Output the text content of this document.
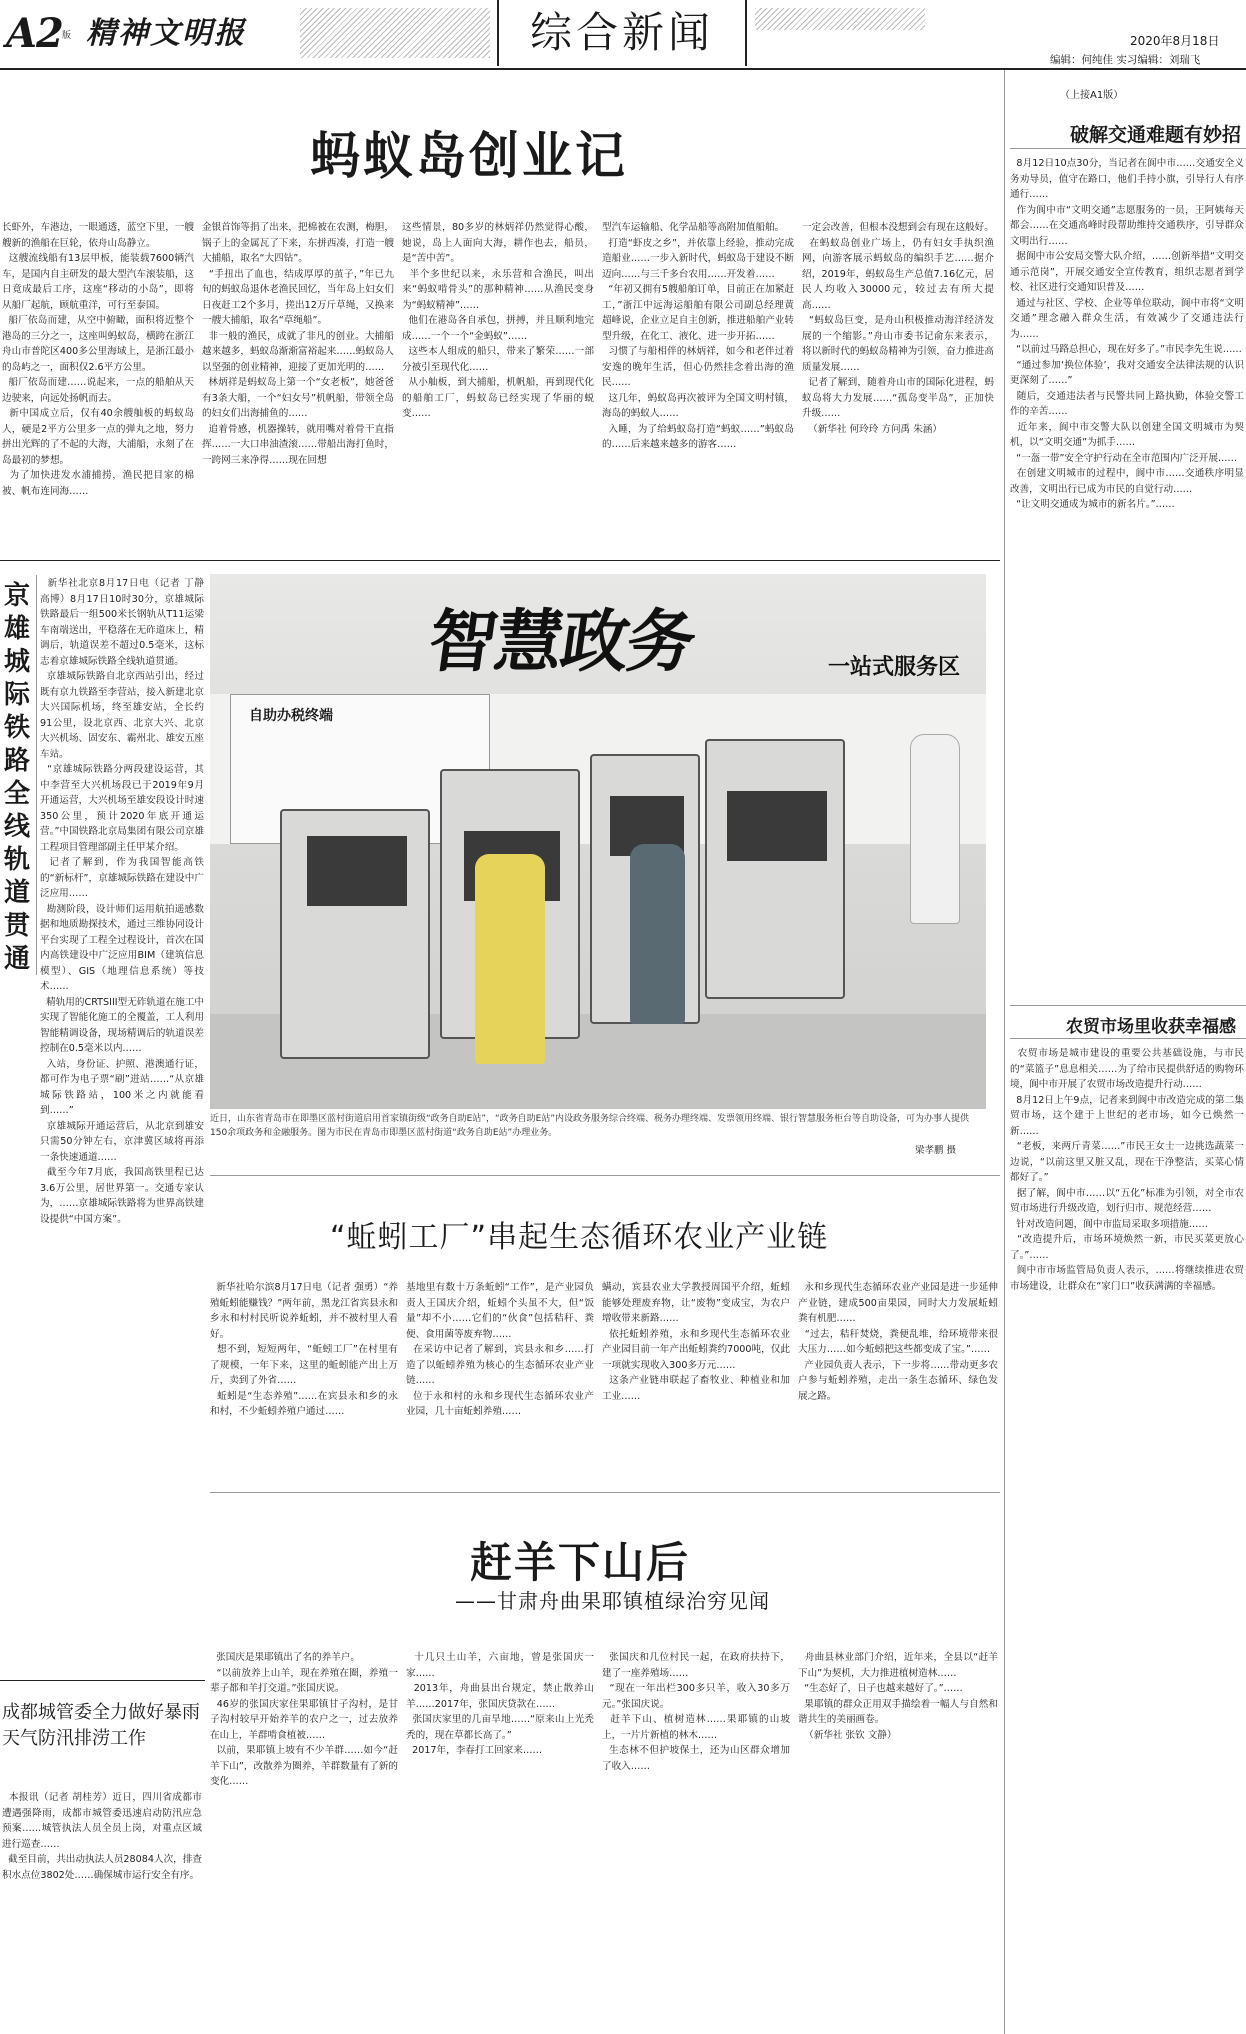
A2 版 精神文明报	综合新闻	2020年8月18日
编辑：何纯佳 实习编辑：刘瑞飞
蚂蚁岛创业记
长虾外，车港边，一眼通透，蓝空下里，一艘艘新的渔船在巨轮，依舟山岛静立。
这艘流线船有13层甲板，能装载7600辆汽车，是国内自主研发的最大型汽车滚装船，这日竟成最后工序，这座“移动的小岛”，即将从船厂起航，顾航重洋，可行至泰国。
船厂依岛而建，从空中俯瞰，面积将近整个港岛的三分之一，这座叫蚂蚁岛，横跨在浙江舟山市普陀区400多公里海域上，是浙江最小的岛屿之一，面积仅2.6平方公里。
船厂依岛而建……说起来，一点的船舶从天边驶来，向远处扬帆而去。
新中国成立后，仅有40余艘舢板的蚂蚁岛人，硬是2平方公里多一点的弹丸之地，努力拼出光辉的了不起的大海，大浦船，永刻了在岛最初的梦想。
为了加快进发水浦捕捞，渔民把目家的棉被、帆布连同海……
金银首饰等捐了出来，把棉被在农测，梅胆，锅子上的金属瓦了下来，东拼西凑，打造一艘大捕船，取名“大四钻”。
“手扭出了血也，结成厚厚的茧子，”年已九旬的蚂蚁岛退休老渔民回忆，当年岛上妇女们日夜赶工2个多月，搓出12万斤草绳，又换来一艘大捕船，取名“草绳船”。
非一般的渔民，成就了非凡的创业。大捕船越来越多，蚂蚁岛渐渐富裕起来……蚂蚁岛人以坚强的创业精神，迎接了更加光明的……
林炳祥是蚂蚁岛上第一个“女老板”，她爸爸有3条大船，一个“妇女号”机帆船，带领全岛的妇女们出海捕鱼的……
追着骨感，机器操转，就用嘴对着骨干直指挥……一大口串油渣滚……带船出海打鱼时，一跨网三来净得……现在回想
这些情景，80多岁的林炳祥仍然觉得心酸，她说，岛上人面向大海，耕作也去，船员，是“苦中苦”。
半个多世纪以来，永乐营和合渔民，叫出来“蚂蚁啃骨头”的那种精神……从渔民变身为“蚂蚁精神”……
他们在港岛各自承包，拼搏，并且顺利地完成……一个一个“金蚂蚁”……
这些本人组成的船只，带来了繁荣……一部分被引至现代化……
从小舢板，到大捕船，机帆船，再到现代化的船舶工厂，蚂蚁岛已经实现了华丽的蜕变……
型汽车运输船、化学品船等高附加值船舶。
打造“虾皮之乡”，并依靠上经验，推动完成造船业……一步入新时代，蚂蚁岛于建设不断迈向……与三千多台农用……开发着……
“年初又拥有5艘船舶订单，目前正在加紧赶工，”浙江中远海运船舶有限公司副总经理黄超峰说，企业立足自主创新，推进船舶产业转型升级，在化工、液化、进一步开拓……
习惯了与船相伴的林炳祥，如今和老伴过着安逸的晚年生活，但心仍然挂念着出海的渔民……
这几年，蚂蚁岛再次被评为全国文明村镇，海岛的蚂蚁人……
入睡，为了给蚂蚁岛打造“蚂蚁……”蚂蚁岛的……后来越来越多的游客……
一定会改善，但根本没想到会有现在这般好。
在蚂蚁岛创业广场上，仍有妇女手执织渔网，向游客展示蚂蚁岛的编织手艺……据介绍，2019年，蚂蚁岛生产总值7.16亿元，居民人均收入30000元，较过去有所大提高……
“蚂蚁岛巨变，是舟山积极推动海洋经济发展的一个缩影。”舟山市委书记俞东来表示，将以新时代的蚂蚁岛精神为引领，奋力推进高质量发展……
记者了解到，随着舟山市的国际化进程，蚂蚁岛将大力发展……“孤岛变半岛”，正加快升级……
（新华社 何玲玲 方问禹 朱涵）
（上接A1版）
破解交通难题有妙招
8月12日10点30分，当记者在阆中市……交通安全义务劝导员，值守在路口，他们手持小旗，引导行人有序通行……
作为阆中市“文明交通”志愿服务的一员，王阿姨每天都会……在交通高峰时段帮助维持交通秩序，引导群众文明出行……
据阆中市公安局交警大队介绍，……创新举措“文明交通示范岗”，开展交通安全宣传教育，组织志愿者到学校、社区进行交通知识普及……
通过与社区、学校、企业等单位联动，阆中市将“文明交通”理念融入群众生活，有效减少了交通违法行为……
“以前过马路总担心，现在好多了。”市民李先生说……
“通过参加‘换位体验’，我对交通安全法律法规的认识更深刻了……”
随后，交通违法者与民警共同上路执勤，体验交警工作的辛苦……
近年来，阆中市交警大队以创建全国文明城市为契机，以“文明交通”为抓手……
“一盔一带”安全守护行动在全市范围内广泛开展……
在创建文明城市的过程中，阆中市……交通秩序明显改善，文明出行已成为市民的自觉行动……
“让文明交通成为城市的新名片。”……
农贸市场里收获幸福感
农贸市场是城市建设的重要公共基础设施，与市民的“菜篮子”息息相关……为了给市民提供舒适的购物环境，阆中市开展了农贸市场改造提升行动……
8月12日上午9点，记者来到阆中市改造完成的第二集贸市场，这个建于上世纪的老市场，如今已焕然一新……
“老板，来两斤青菜……”市民王女士一边挑选蔬菜一边说，“以前这里又脏又乱，现在干净整洁，买菜心情都好了。”
据了解，阆中市……以“五化”标准为引领，对全市农贸市场进行升级改造，划行归市、规范经营……
针对改造问题，阆中市监局采取多项措施……
“改造提升后，市场环境焕然一新，市民买菜更放心了。”……
阆中市市场监管局负责人表示，……将继续推进农贸市场建设，让群众在“家门口”收获满满的幸福感。
京雄城际铁路全线轨道贯通
新华社北京8月17日电（记者 丁静 高博）8月17日10时30分，京雄城际铁路最后一组500米长钢轨从T11运梁车南端送出，平稳落在无砟道床上，精调后，轨道误差不超过0.5毫米，这标志着京雄城际铁路全线轨道贯通。
京雄城际铁路自北京西站引出，经过既有京九铁路至李营站，接入新建北京大兴国际机场，终至雄安站，全长约91公里，设北京西、北京大兴、北京大兴机场、固安东、霸州北、雄安五座车站。
“京雄城际铁路分两段建设运营，其中李营至大兴机场段已于2019年9月开通运营，大兴机场至雄安段设计时速350公里，预计2020年底开通运营。”中国铁路北京局集团有限公司京雄工程项目管理部副主任甲某介绍。
记者了解到，作为我国智能高铁的“新标杆”，京雄城际铁路在建设中广泛应用……
勘测阶段，设计师们运用航拍遥感数据和地质勘探技术，通过三维协同设计平台实现了工程全过程设计，首次在国内高铁建设中广泛应用BIM（建筑信息模型）、GIS（地理信息系统）等技术……
精轨用的CRTSIII型无砟轨道在施工中实现了智能化施工的全覆盖，工人利用智能精调设备，现场精调后的轨道误差控制在0.5毫米以内……
入站，身份证、护照、港澳通行证，都可作为电子票“刷”进站……“从京雄城际铁路站，100米之内就能看到……”
京雄城际开通运营后，从北京到雄安只需50分钟左右，京津冀区域将再添一条快速通道……
截至今年7月底，我国高铁里程已达3.6万公里，居世界第一。交通专家认为，……京雄城际铁路将为世界高铁建设提供“中国方案”。
智慧政务	一站式服务区
自助办税终端
近日，山东省青岛市在即墨区蓝村街道启用首家镇街级“政务自助E站”，“政务自助E站”内设政务服务综合终端、税务办理终端、发票领用终端、银行智慧服务柜台等自助设备，可为办事人提供150余项政务和金融服务。图为市民在青岛市即墨区蓝村街道“政务自助E站”办理业务。
梁孝鹏 摄
“蚯蚓工厂”串起生态循环农业产业链
新华社哈尔滨8月17日电（记者 强勇）“养殖蚯蚓能赚钱？”两年前，黑龙江省宾县永和乡永和村村民听说养蚯蚓，并不被村里人看好。
想不到，短短两年，“蚯蚓工厂”在村里有了规模，一年下来，这里的蚯蚓能产出上万斤，卖到了外省……
蚯蚓是“生态养殖”……在宾县永和乡的永和村，不少蚯蚓养殖户通过……
基地里有数十万条蚯蚓“工作”，是产业园负责人王国庆介绍，蚯蚓个头虽不大，但“饭量”却不小……它们的“伙食”包括秸秆、粪便、食用菌等废弃物……
在采访中记者了解到，宾县永和乡……打造了以蚯蚓养殖为核心的生态循环农业产业链……
位于永和村的永和乡现代生态循环农业产业园，几十亩蚯蚓养殖……
螨动，宾县农业大学教授周国平介绍，蚯蚓能够处理废弃物，让“废物”变成宝，为农户增收带来新路……
依托蚯蚓养殖，永和乡现代生态循环农业产业园目前一年产出蚯蚓粪约7000吨，仅此一项就实现收入300多万元……
这条产业链串联起了畜牧业、种植业和加工业……
永和乡现代生态循环农业产业园是进一步延伸产业链，建成500亩果园，同时大力发展蚯蚓粪有机肥……
“过去，秸秆焚烧，粪便乱堆，给环境带来很大压力……如今蚯蚓把这些都变成了宝。”……
产业园负责人表示，下一步将……带动更多农户参与蚯蚓养殖，走出一条生态循环、绿色发展之路。
赶羊下山后
——甘肃舟曲果耶镇植绿治穷见闻
张国庆是果耶镇出了名的养羊户。
“以前放养上山羊，现在养殖在圈，养殖一辈子都和羊打交道。”张国庆说。
46岁的张国庆家住果耶镇甘子沟村，是甘子沟村较早开始养羊的农户之一，过去放养在山上，羊群啃食植被……
以前，果耶镇上坡有不少羊群……如今“赶羊下山”，改散养为圈养，羊群数量有了新的变化……
十几只土山羊，六亩地，曾是张国庆一家……
2013年，舟曲县出台规定，禁止散养山羊……2017年，张国庆贷款在……
张国庆家里的几亩旱地……“原来山上光秃秃的，现在草都长高了。”
2017年，李春打工回家来……
张国庆和几位村民一起，在政府扶持下，建了一座养殖场……
“现在一年出栏300多只羊，收入30多万元。”张国庆说。
赶羊下山、植树造林……果耶镇的山坡上，一片片新植的林木……
生态林不但护坡保土，还为山区群众增加了收入……
舟曲县林业部门介绍，近年来，全县以“赶羊下山”为契机，大力推进植树造林……
“生态好了，日子也越来越好了。”……
果耶镇的群众正用双手描绘着一幅人与自然和谐共生的美丽画卷。
（新华社 张钦 文静）
成都城管委全力做好暴雨天气防汛排涝工作
本报讯（记者 胡桂芳）近日，四川省成都市遭遇强降雨，成都市城管委迅速启动防汛应急预案……城管执法人员全员上岗，对重点区域进行巡查……
截至目前，共出动执法人员28084人次，排查积水点位3802处……确保城市运行安全有序。
